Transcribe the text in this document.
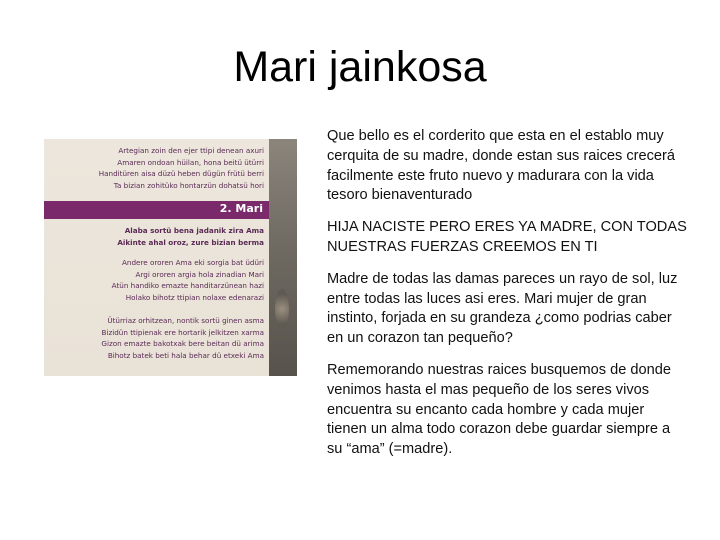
Mari jainkosa
Artegian zoin den ejer ttipi denean axuri
Amaren ondoan hüilan, hona beitü ütürri
Handitüren aisa düzü heben dügün frütü berri
Ta bizian zohitüko hontarzün dohatsü hori
2. Mari
Alaba sortü bena jadanik zira Ama
Aikinte ahal oroz, zure bizian berma
Andere ororen Ama eki sorgia bat üdüri
Argi ororen argia hola zinadian Mari
Atün handiko emazte handitarzünean hazi
Holako bihotz ttipian nolaxe edenarazi
Ütürriaz orhitzean, nontik sortü ginen asma
Bizidün ttipienak ere hortarik jelkitzen xarma
Gizon emazte bakotxak bere beitan dü arima
Bihotz batek beti hala behar dü etxeki Ama

Que bello es el corderito que esta en el establo muy cerquita de su madre, donde estan sus raices crecerá facilmente este fruto nuevo y madurara con la vida tesoro bienaventurado

HIJA NACISTE PERO ERES YA MADRE, CON TODAS NUESTRAS FUERZAS CREEMOS EN TI

Madre de todas las damas pareces un rayo de sol, luz entre todas las luces asi eres. Mari mujer de gran instinto, forjada en su grandeza ¿como podrias caber en un corazon tan pequeño?

Rememorando nuestras raices busquemos de donde venimos hasta el mas pequeño de los seres vivos encuentra su encanto cada hombre y cada mujer tienen un alma todo corazon debe guardar siempre a su “ama” (=madre).
